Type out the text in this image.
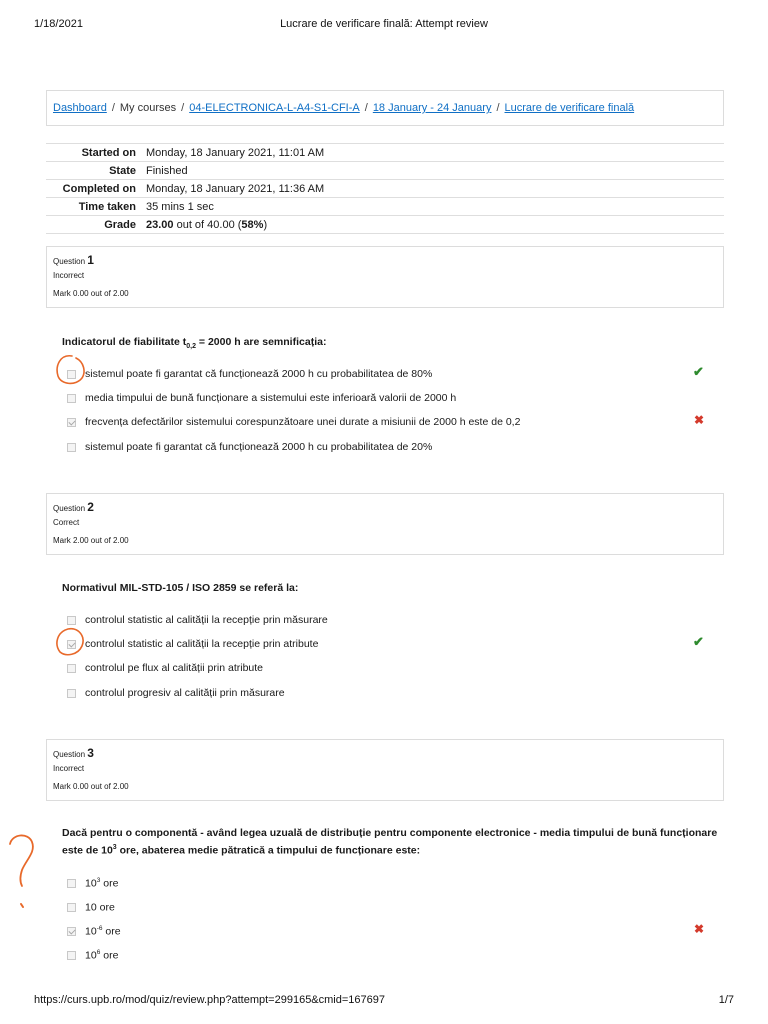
1/18/2021	Lucrare de verificare finală: Attempt review
Dashboard / My courses / 04-ELECTRONICA-L-A4-S1-CFI-A / 18 January - 24 January / Lucrare de verificare finală
Started on	Monday, 18 January 2021, 11:01 AM
State	Finished
Completed on	Monday, 18 January 2021, 11:36 AM
Time taken	35 mins 1 sec
Grade	23.00 out of 40.00 (58%)
Question 1
Incorrect
Mark 0.00 out of 2.00
Indicatorul de fiabilitate $t_{0,2} = 2000$ h are semnificația:
sistemul poate fi garantat că funcționează 2000 h cu probabilitatea de 80%	✔
media timpului de bună funcționare a sistemului este inferioară valorii de 2000 h
frecvența defectărilor sistemului corespunzătoare unei durate a misiunii de 2000 h este de 0,2	✖
sistemul poate fi garantat că funcționează 2000 h cu probabilitatea de 20%
Question 2
Correct
Mark 2.00 out of 2.00
Normativul MIL-STD-105 / ISO 2859 se referă la:
controlul statistic al calității la recepție prin măsurare
controlul statistic al calității la recepție prin atribute	✔
controlul pe flux al calității prin atribute
controlul progresiv al calității prin măsurare
Question 3
Incorrect
Mark 0.00 out of 2.00
Dacă pentru o componentă - având legea uzuală de distribuție pentru componente electronice - media timpului de bună funcționare
este de $10^3$ ore, abaterea medie pătratică a timpului de funcționare este:
$10^3$ ore
10 ore
$10^{-6}$ ore	✖
$10^6$ ore
https://curs.upb.ro/mod/quiz/review.php?attempt=299165&cmid=167697	1/7
